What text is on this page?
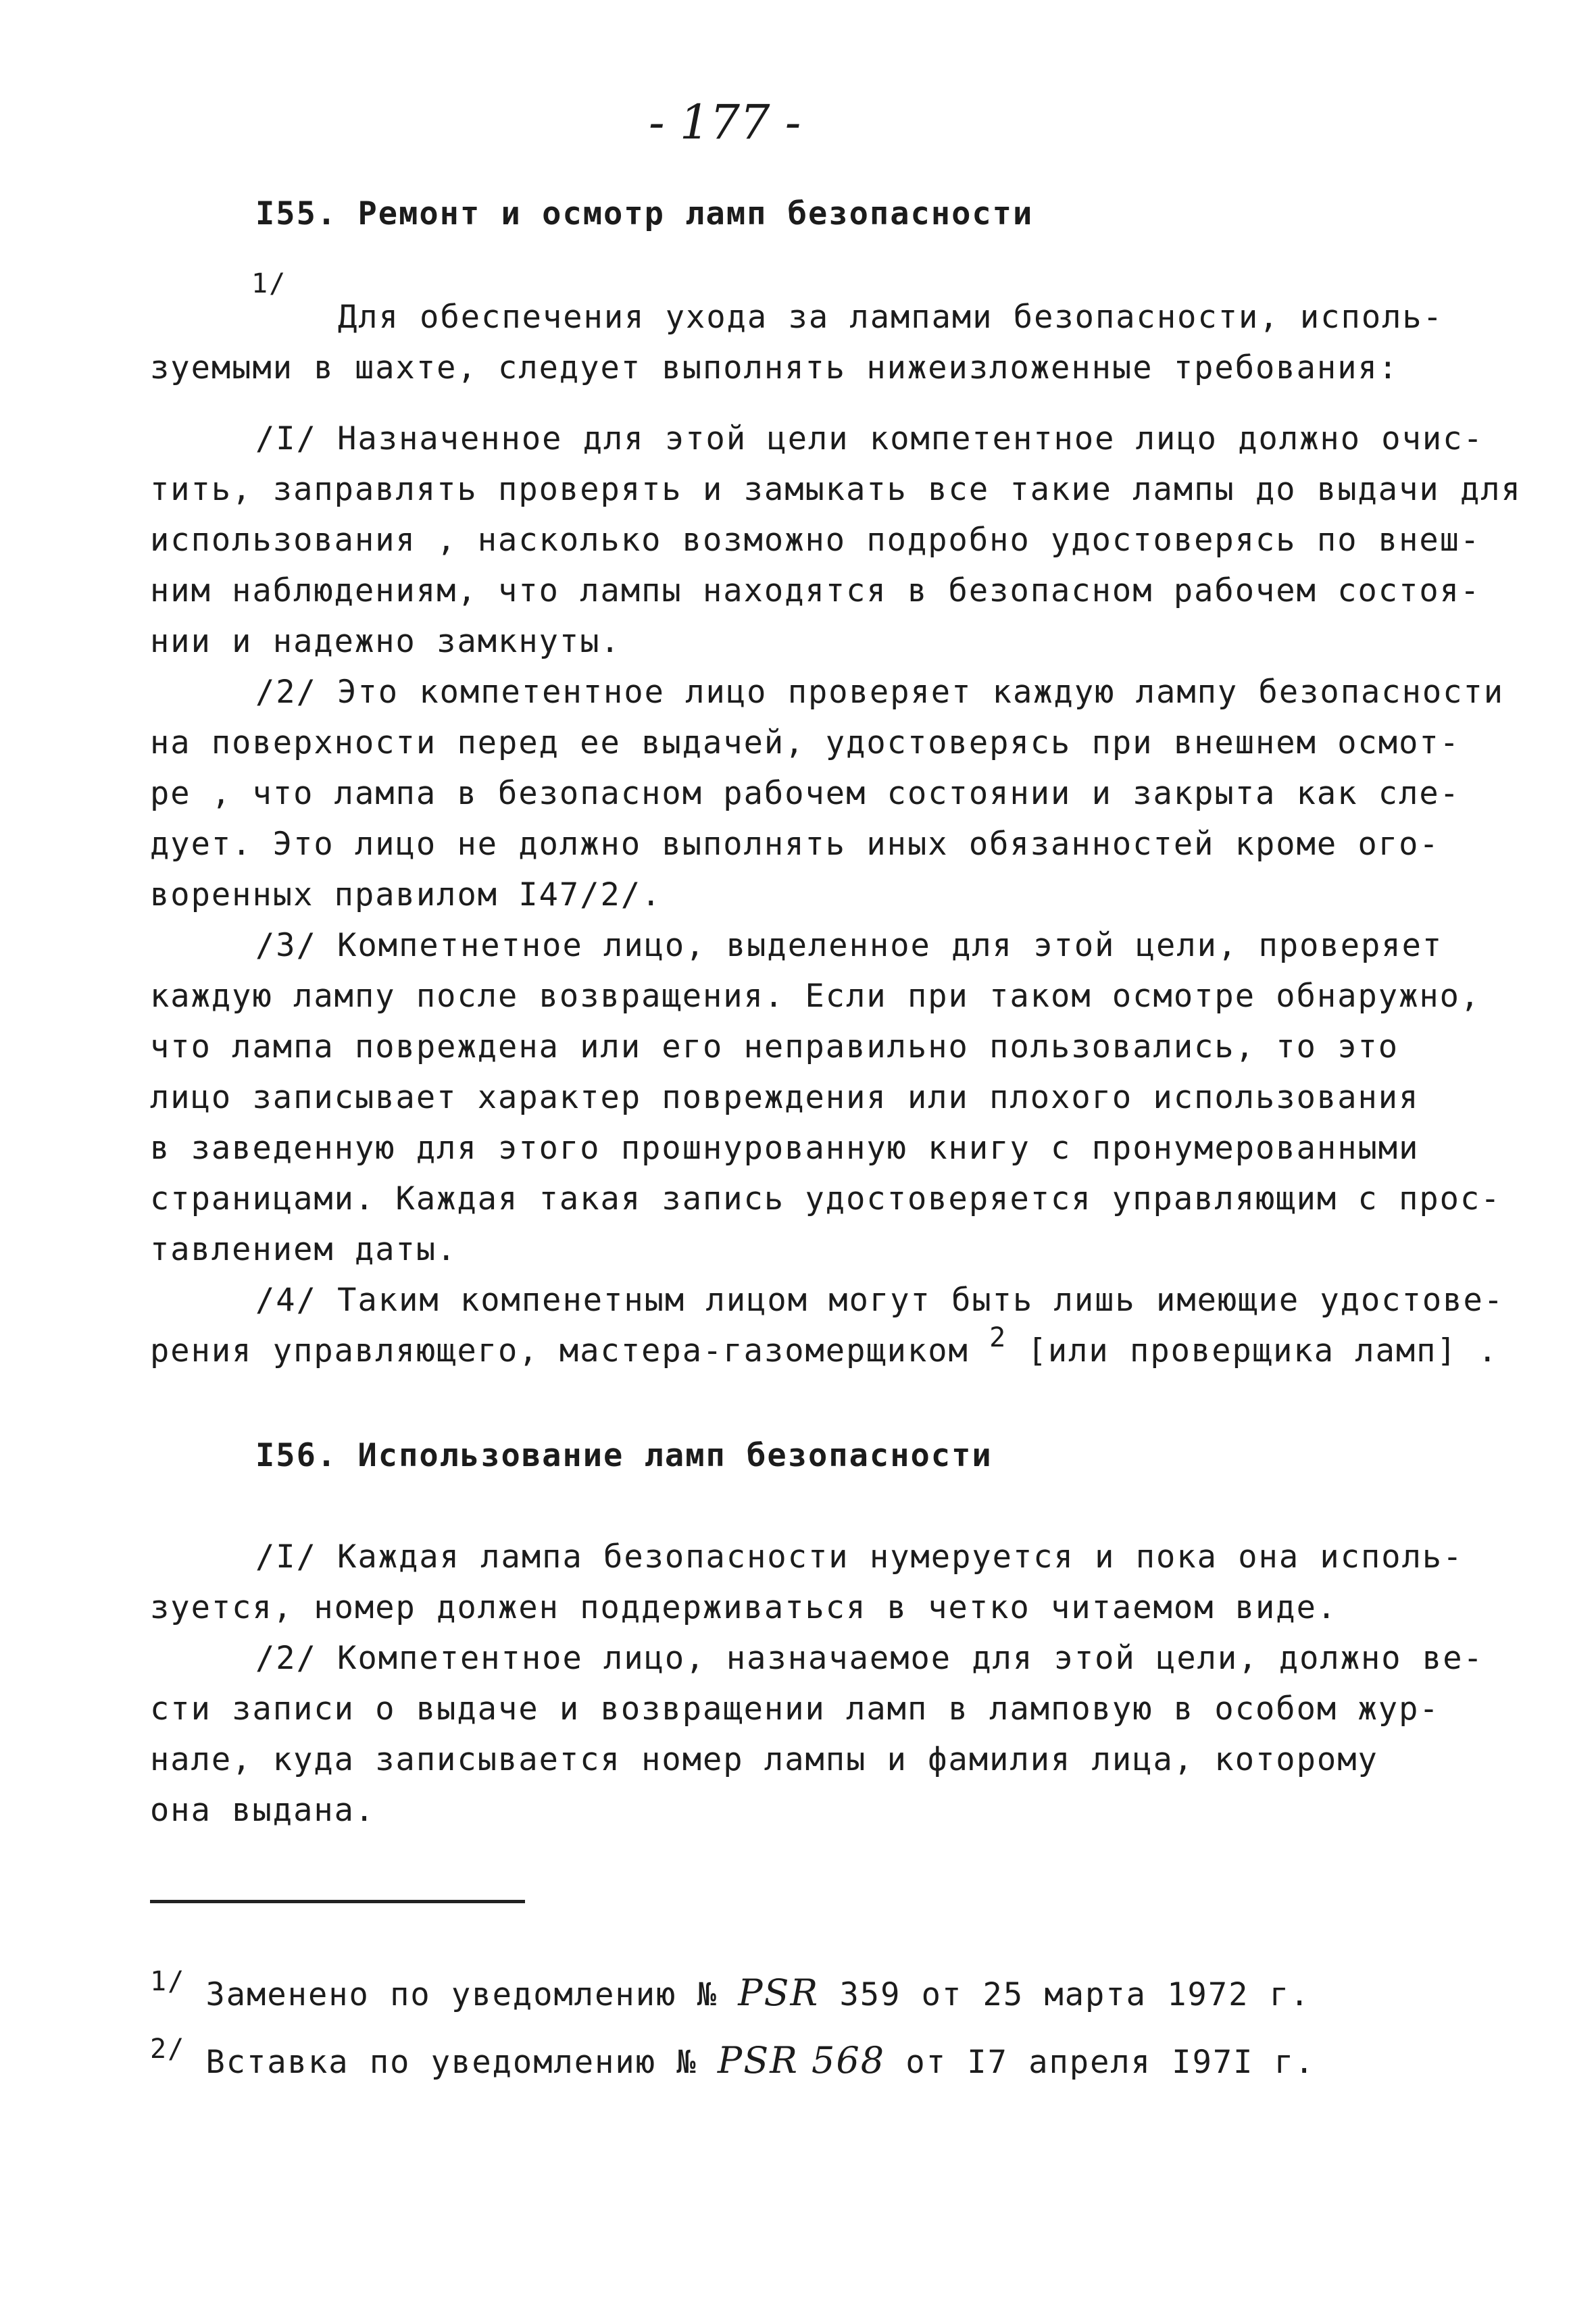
- 177 -
I55. Ремонт и осмотр ламп безопасности
1/
Для обеспечения ухода за лампами безопасности, исполь-
зуемыми в шахте, следует выполнять нижеизложенные требования:
/I/ Назначенное для этой цели компетентное лицо должно очис-
тить, заправлять проверять и замыкать все такие лампы до выдачи для
использования , насколько возможно подробно удостоверясь по внеш-
ним наблюдениям, что лампы находятся в безопасном рабочем состоя-
нии и надежно замкнуты.
/2/ Это компетентное лицо проверяет каждую лампу безопасности
на поверхности перед ее выдачей, удостоверясь при внешнем осмот-
ре , что лампа в безопасном рабочем состоянии и закрыта как сле-
дует. Это лицо не должно выполнять иных обязанностей кроме ого-
воренных правилом I47/2/.
/3/ Компетнетное лицо, выделенное для этой цели, проверяет
каждую лампу после возвращения. Если при таком осмотре обнаружно,
что лампа повреждена или его неправильно пользовались, то это
лицо записывает характер повреждения или плохого использования
в заведенную для этого прошнурованную книгу с пронумерованными
страницами. Каждая такая запись удостоверяется управляющим с прос-
тавлением даты.
/4/ Таким компенетным лицом могут быть лишь имеющие удостове-
рения управляющего, мастера-газомерщиком 2 [или проверщика ламп] .
I56. Использование ламп безопасности
/I/ Каждая лампа безопасности нумеруется и пока она исполь-
зуется, номер должен поддерживаться в четко читаемом виде.
/2/ Компетентное лицо, назначаемое для этой цели, должно ве-
сти записи о выдаче и возвращении ламп в ламповую в особом жур-
нале, куда записывается номер лампы и фамилия лица, которому
она выдана.
1/ Заменено по уведомлению № PSR 359 от 25 марта 1972 г.
2/ Вставка по уведомлению № PSR 568 от I7 апреля I97I г.
